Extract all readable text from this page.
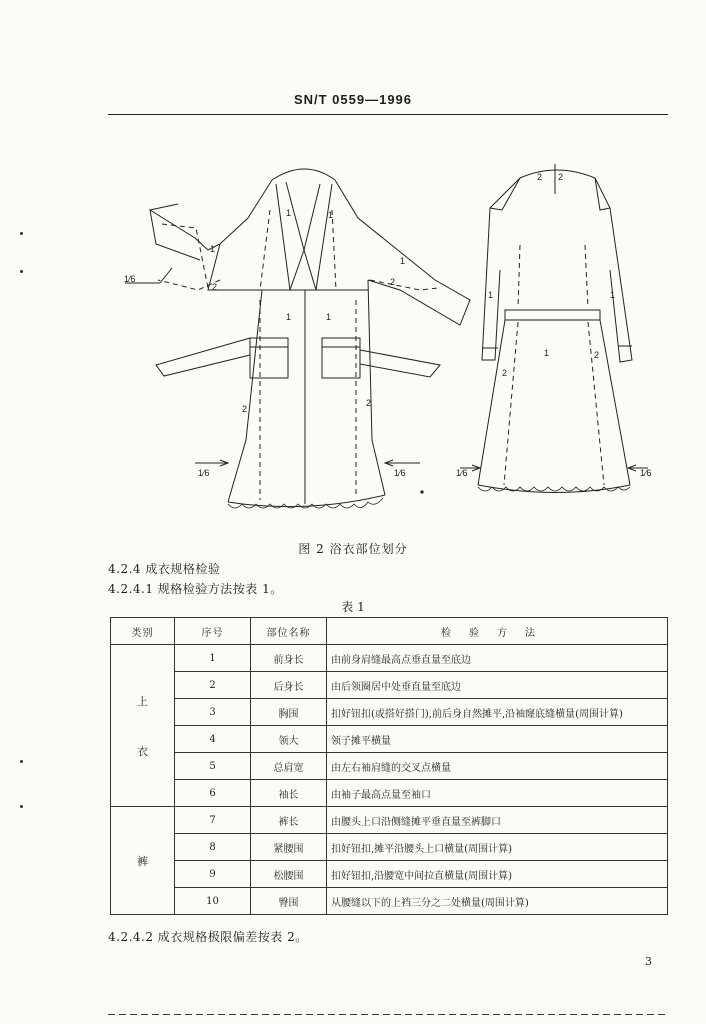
SN/T 0559—1996
1	1
1
1
1	1
2	2
2
2
2 2
1	1
1	2
2
1⁄6
1⁄6	1⁄6	1⁄6	1⁄6
图 2 浴衣部位划分
4.2.4 成衣规格检验
4.2.4.1 规格检验方法按表 1。
表 1
类别	序号	部位名称	检验方法

上
衣	1	前身长	由前身肩缝最高点垂直量至底边
	2	后身长	由后领圈居中处垂直量至底边
	3	胸围	扣好钮扣(或搭好搭门),前后身自然摊平,沿袖窿底缝横量(周围计算)
	4	领大	领子摊平横量
	5	总肩宽	由左右袖肩缝的交叉点横量
	6	袖长	由袖子最高点量至袖口
裤	7	裤长	由腰头上口沿侧缝摊平垂直量至裤脚口
	8	紧腰围	扣好钮扣,摊平沿腰头上口横量(周围计算)
	9	松腰围	扣好钮扣,沿腰宽中间拉直横量(周围计算)
	10	臀围	从腰缝以下的上裆三分之二处横量(周围计算)
4.2.4.2 成衣规格极限偏差按表 2。
3
